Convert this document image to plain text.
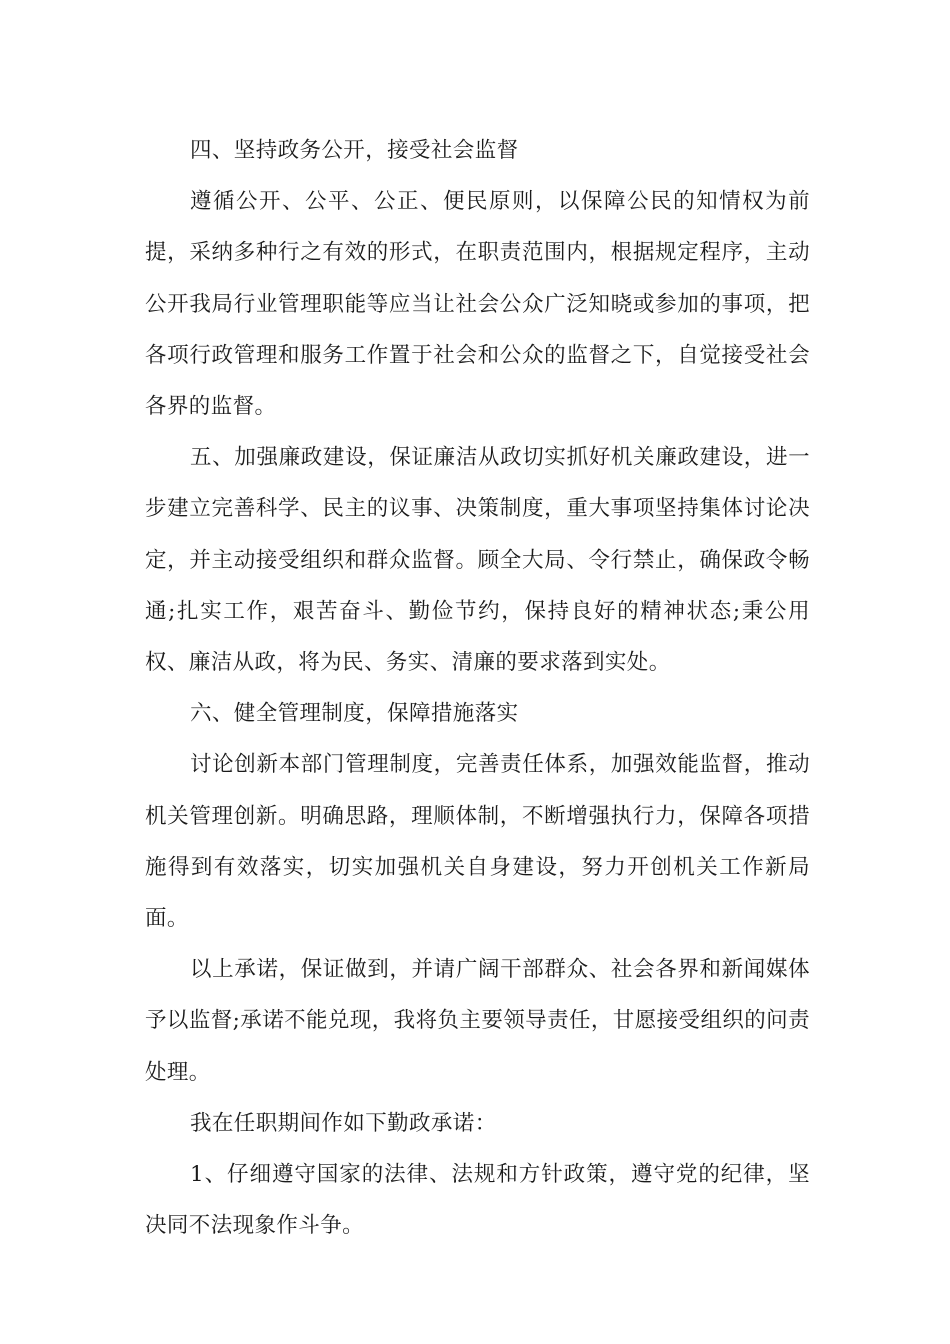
四、坚持政务公开，接受社会监督

遵循公开、公平、公正、便民原则，以保障公民的知情权为前提，采纳多种行之有效的形式，在职责范围内，根据规定程序，主动公开我局行业管理职能等应当让社会公众广泛知晓或参加的事项，把各项行政管理和服务工作置于社会和公众的监督之下，自觉接受社会各界的监督。

五、加强廉政建设，保证廉洁从政切实抓好机关廉政建设，进一步建立完善科学、民主的议事、决策制度，重大事项坚持集体讨论决定，并主动接受组织和群众监督。顾全大局、令行禁止，确保政令畅通;扎实工作，艰苦奋斗、勤俭节约，保持良好的精神状态;秉公用权、廉洁从政，将为民、务实、清廉的要求落到实处。

六、健全管理制度，保障措施落实

讨论创新本部门管理制度，完善责任体系，加强效能监督，推动机关管理创新。明确思路，理顺体制，不断增强执行力，保障各项措施得到有效落实，切实加强机关自身建设，努力开创机关工作新局面。

以上承诺，保证做到，并请广阔干部群众、社会各界和新闻媒体予以监督;承诺不能兑现，我将负主要领导责任，甘愿接受组织的问责处理。

我在任职期间作如下勤政承诺：

1、仔细遵守国家的法律、法规和方针政策，遵守党的纪律，坚决同不法现象作斗争。
